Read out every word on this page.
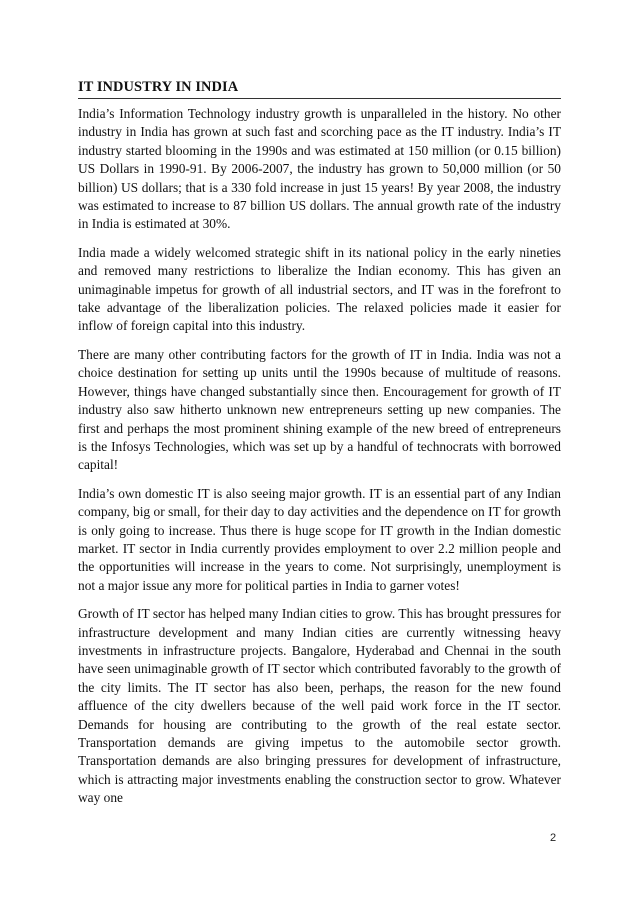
IT INDUSTRY IN INDIA

India’s Information Technology industry growth is unparalleled in the history. No other industry in India has grown at such fast and scorching pace as the IT industry. India’s IT industry started blooming in the 1990s and was estimated at 150 million (or 0.15 billion) US Dollars in 1990-91. By 2006-2007, the industry has grown to 50,000 million (or 50 billion) US dollars; that is a 330 fold increase in just 15 years! By year 2008, the industry was estimated to increase to 87 billion US dollars. The annual growth rate of the industry in India is estimated at 30%.

India made a widely welcomed strategic shift in its national policy in the early nineties and removed many restrictions to liberalize the Indian economy. This has given an unimaginable impetus for growth of all industrial sectors, and IT was in the forefront to take advantage of the liberalization policies. The relaxed policies made it easier for inflow of foreign capital into this industry.

There are many other contributing factors for the growth of IT in India. India was not a choice destination for setting up units until the 1990s because of multitude of reasons. However, things have changed substantially since then. Encouragement for growth of IT industry also saw hitherto unknown new entrepreneurs setting up new companies. The first and perhaps the most prominent shining example of the new breed of entrepreneurs is the Infosys Technologies, which was set up by a handful of technocrats with borrowed capital!

India’s own domestic IT is also seeing major growth. IT is an essential part of any Indian company, big or small, for their day to day activities and the dependence on IT for growth is only going to increase. Thus there is huge scope for IT growth in the Indian domestic market. IT sector in India currently provides employment to over 2.2 million people and the opportunities will increase in the years to come. Not surprisingly, unemployment is not a major issue any more for political parties in India to garner votes!

Growth of IT sector has helped many Indian cities to grow. This has brought pressures for infrastructure development and many Indian cities are currently witnessing heavy investments in infrastructure projects. Bangalore, Hyderabad and Chennai in the south have seen unimaginable growth of IT sector which contributed favorably to the growth of the city limits. The IT sector has also been, perhaps, the reason for the new found affluence of the city dwellers because of the well paid work force in the IT sector. Demands for housing are contributing to the growth of the real estate sector. Transportation demands are giving impetus to the automobile sector growth. Transportation demands are also bringing pressures for development of infrastructure, which is attracting major investments enabling the construction sector to grow. Whatever way one

2
